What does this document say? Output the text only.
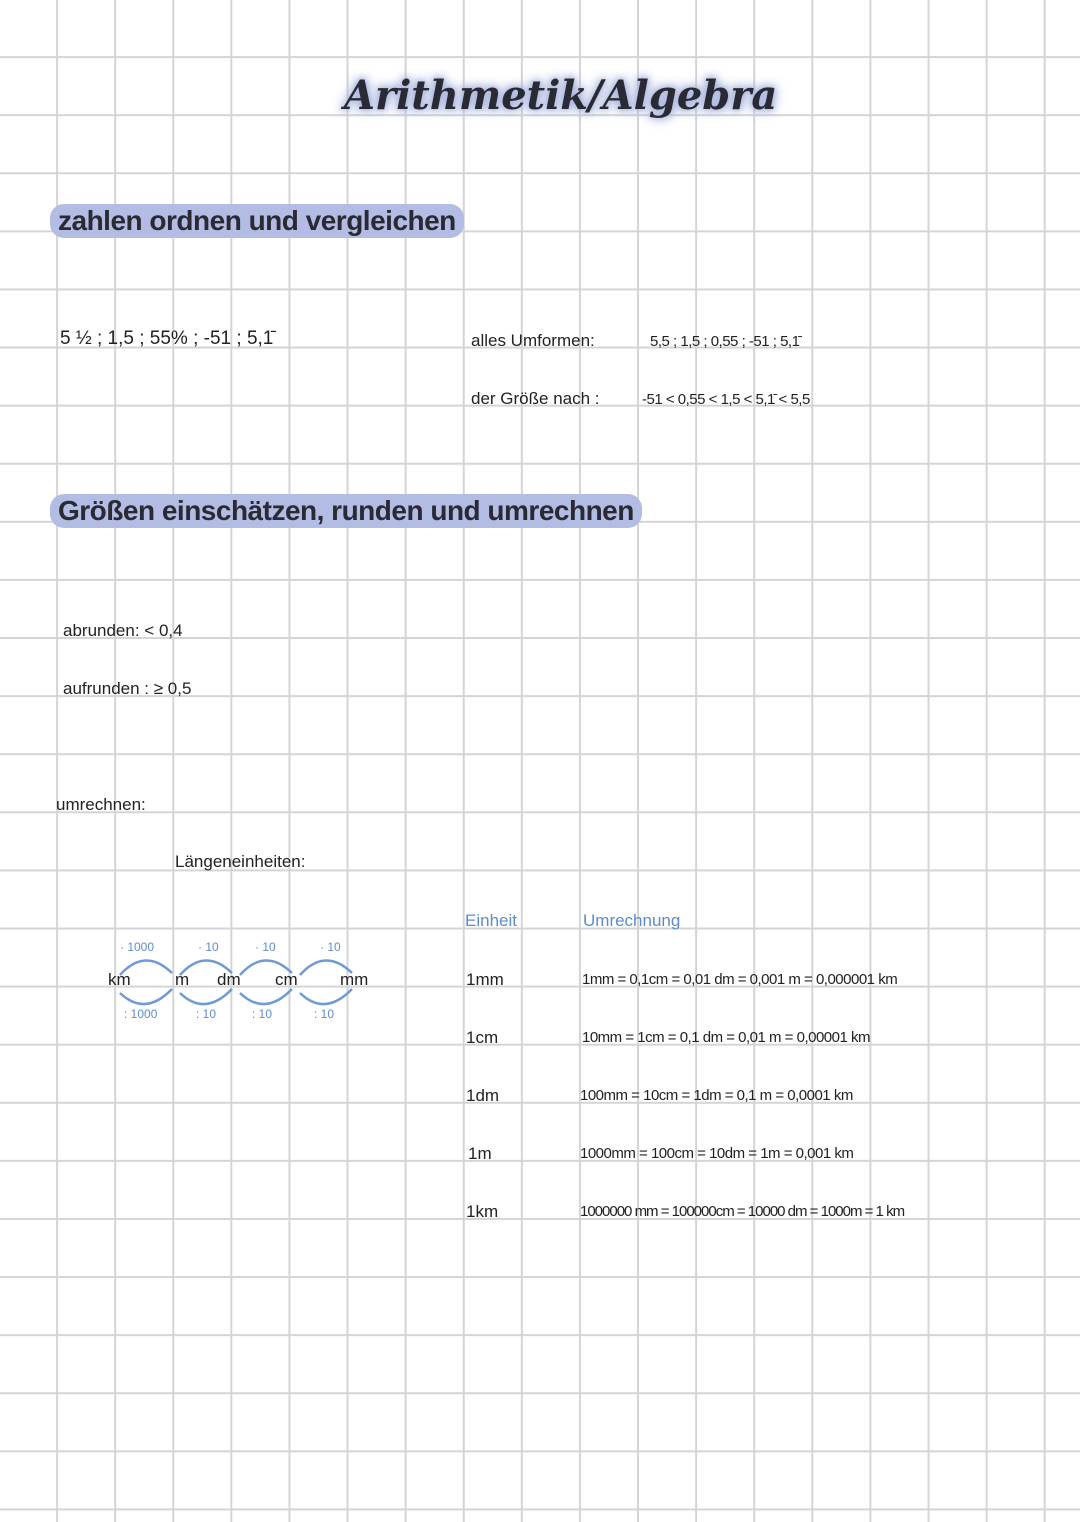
Arithmetik/Algebra
zahlen ordnen und vergleichen
5 ½ ; 1,5 ; 55% ; -51 ; 5,1̄	alles Umformen:	5,5 ; 1,5 ; 0,55 ; -51 ; 5,1̄
der Größe nach :	-51 < 0,55 < 1,5 < 5,1̄ < 5,5
Größen einschätzen, runden und umrechnen
abrunden: < 0,4
aufrunden : ≥ 0,5
umrechnen:
Längeneinheiten:
km	m dm cm mm
· 1000	· 10	· 10	· 10
: 1000	: 10	: 10	: 10
Einheit	Umrechnung
1mm	1mm = 0,1cm = 0,01 dm = 0,001 m = 0,000001 km
1cm	10mm = 1cm = 0,1 dm = 0,01 m = 0,00001 km
1dm	100mm = 10cm = 1dm = 0,1 m = 0,0001 km
1m	1000mm = 100cm = 10dm = 1m = 0,001 km
1km	1000000 mm = 100000cm = 10000 dm = 1000m = 1 km
